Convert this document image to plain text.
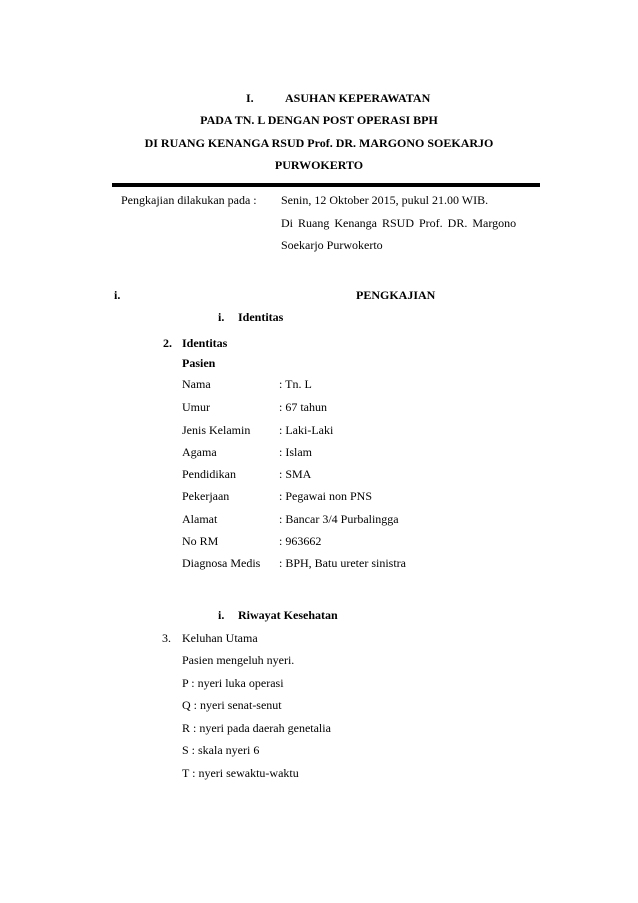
I.	ASUHAN KEPERAWATAN
PADA TN. L DENGAN POST OPERASI BPH
DI RUANG KENANGA RSUD Prof. DR. MARGONO SOEKARJO
PURWOKERTO
Pengkajian dilakukan pada : Senin, 12 Oktober 2015, pukul 21.00 WIB.
Di Ruang Kenanga RSUD Prof. DR. Margono
Soekarjo Purwokerto
i.	PENGKAJIAN
i. Identitas
2. Identitas
Pasien
Nama	: Tn. L
Umur	: 67 tahun
Jenis Kelamin : Laki-Laki
Agama	: Islam
Pendidikan	: SMA
Pekerjaan	: Pegawai non PNS
Alamat	: Bancar 3/4 Purbalingga
No RM	: 963662
Diagnosa Medis : BPH, Batu ureter sinistra
i. Riwayat Kesehatan
3. Keluhan Utama
Pasien mengeluh nyeri.
P : nyeri luka operasi
Q : nyeri senat-senut
R : nyeri pada daerah genetalia
S : skala nyeri 6
T : nyeri sewaktu-waktu
